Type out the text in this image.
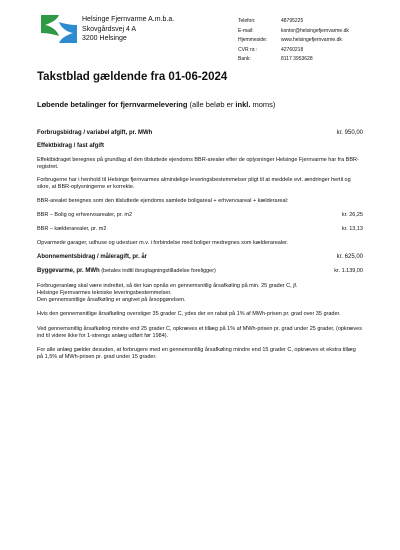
Helsinge Fjernvarme A.m.b.a.
Skovgårdsvej 4 A
3200 Helsinge
Telefon:	48795225
E-mail:	kontor@helsingefjernvarme.dk
Hjemmeside:	www.helsingefjernvarme.dk
CVR nr.:	42760218
Bank:	8117 3953628
Takstblad gældende fra 01-06-2024
Løbende betalinger for fjernvarmelevering (alle beløb er inkl. moms)
Forbrugsbidrag / variabel afgift, pr. MWh	kr. 950,00
Effektbidrag / fast afgift

Effektbidraget beregnes på grundlag af den tilsluttede ejendoms BBR-arealer efter de oplysninger Helsinge Fjernvarme har fra BBR-registret.

Forbrugerne har i henhold til Helsinge fjernvarmes almindelige leveringsbestemmelser pligt til at meddele evt. ændringer hertil og sikre, at BBR-oplysningerne er korrekte.

BBR-arealet beregnes som den tilsluttede ejendoms samlede boligareal + erhvervsareal + kælderareal:

BBR – Bolig og erhvervsarealer, pr. m2	kr. 26,25
BBR – kælderarealer, pr. m2	kr. 13,13

Opvarmede garager, udhuse og udestuer m.v. i forbindelse med boliger medregnes som kælderarealer.

Abonnementsbidrag / måleragift, pr. år	kr. 625,00
Byggevarme, pr. MWh (betales indtil ibrugtagningstilladelse foreligger)	kr. 1.139,00

Forbrugeranlæg skal være indrettet, så der kan opnås en gennemsnitlig årsafkøling på min. 25 grader C, jf.

Helsinge Fjernvarmes tekniske leveringsbestemmelser.

Den gennemsnitlige årsafkøling er angivet på årsopgørelsen.

Hvis den gennemsnitlige årsafkøling overstiger 35 grader C, ydes der en rabat på 1% af MWh-prisen pr. grad over 35 grader.

Ved gennemsnitlig årsafkøling mindre end 25 grader C, opkræves et tillæg på 1% af MWh-prisen pr. grad under 25 grader, (opkræves ind til videre ikke for 1-strengs anlæg udført før 1984).

For alle anlæg gælder desuden, at forbrugere med en gennemsnitlig årsafkøling mindre end 15 grader C, opkræves et ekstra tillæg på 1,5% af MWh-prisen pr. grad under 15 grader.
